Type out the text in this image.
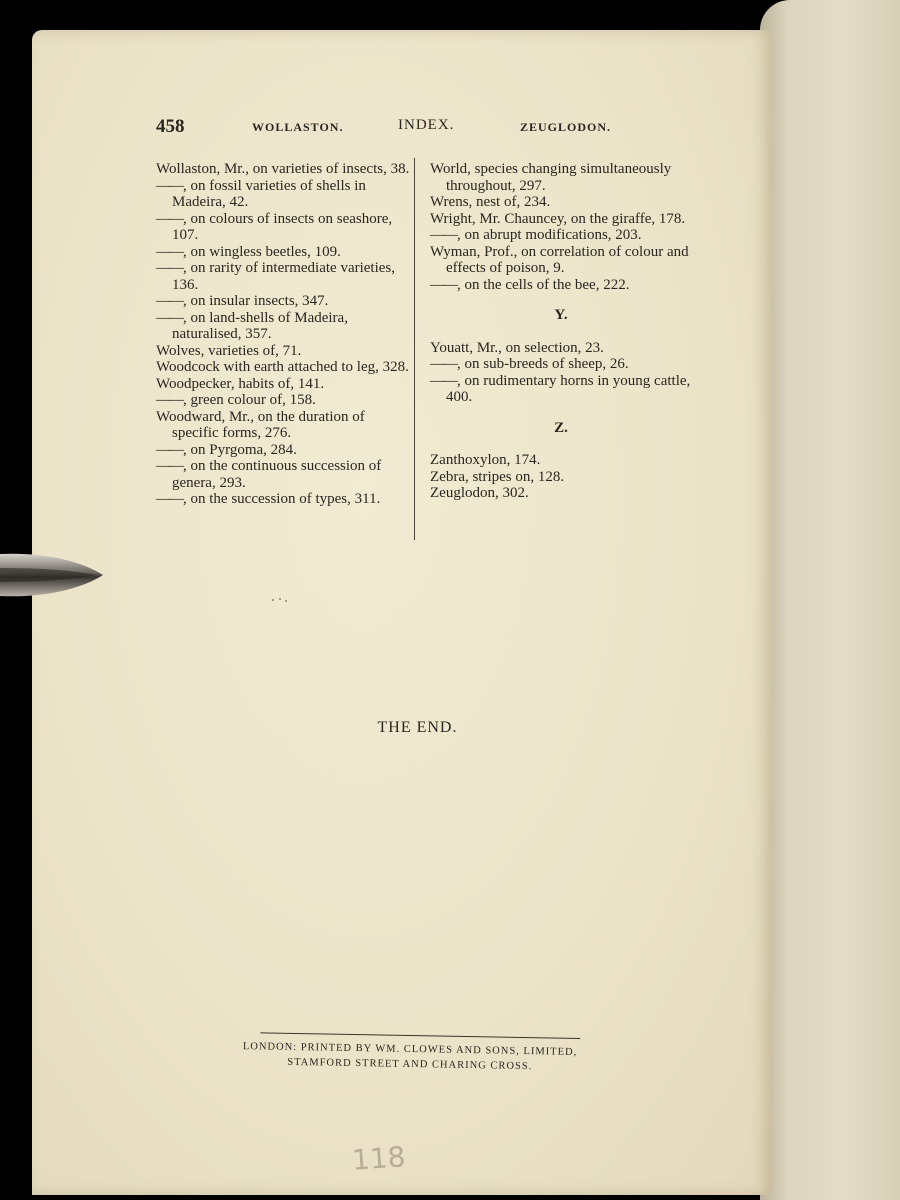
458	WOLLASTON.	INDEX.	ZEUGLODON.

Wollaston, Mr., on varieties of insects, 38.

—— , on fossil varieties of shells in Madeira, 42.

—— , on colours of insects on seashore, 107.

—— , on wingless beetles, 109.

—— , on rarity of intermediate varieties, 136.

—— , on insular insects, 347.

—— , on land-shells of Madeira, naturalised, 357.

Wolves, varieties of, 71.

Woodcock with earth attached to leg, 328.

Woodpecker, habits of, 141.

—— , green colour of, 158.

Woodward, Mr., on the duration of specific forms, 276.

—— , on Pyrgoma, 284.

—— , on the continuous succession of genera, 293.

—— , on the succession of types, 311.

World, species changing simultaneously throughout, 297.

Wrens, nest of, 234.

Wright, Mr. Chauncey, on the giraffe, 178.

—— , on abrupt modifications, 203.

Wyman, Prof., on correlation of colour and effects of poison, 9.

—— , on the cells of the bee, 222.

Y.

Youatt, Mr., on selection, 23.

—— , on sub-breeds of sheep, 26.

—— , on rudimentary horns in young cattle, 400.

Z.

Zanthoxylon, 174.

Zebra, stripes on, 128.

Zeuglodon, 302.

THE END.
LONDON: PRINTED BY WM. CLOWES AND SONS, LIMITED,
STAMFORD STREET AND CHARING CROSS.
118
